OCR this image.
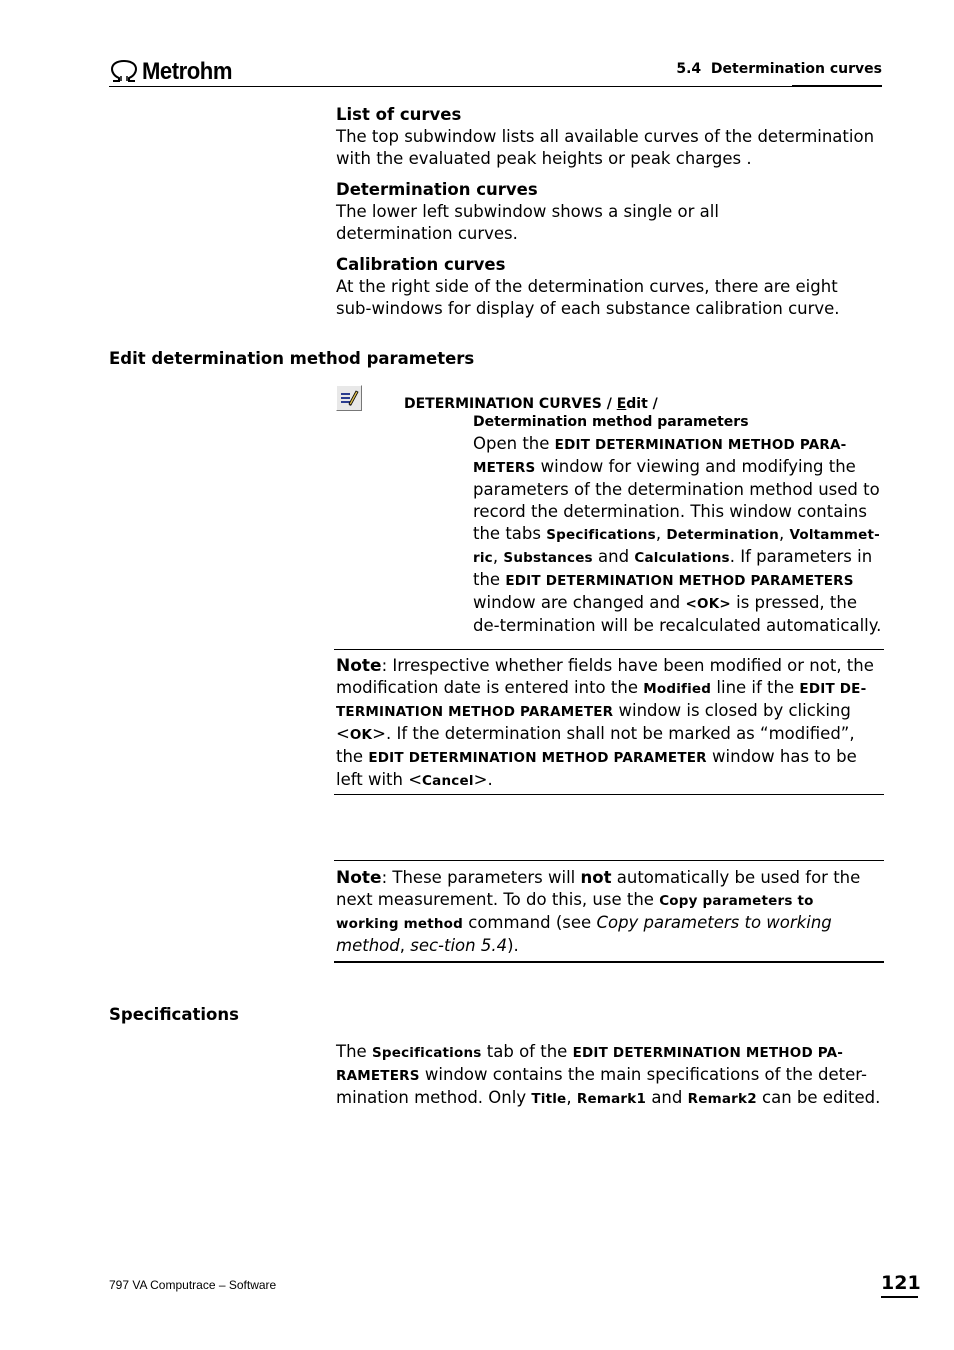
Metrohm	5.4  Determination curves
List of curves

The top subwindow lists all available curves of the determination with the evaluated peak heights or peak charges .

Determination curves

The lower left subwindow shows a single or all determination curves.

Calibration curves

At the right side of the determination curves, there are eight sub-windows for display of each substance calibration curve.

Edit determination method parameters
DETERMINATION CURVES / Edit /
Determination method parameters
Open the EDIT DETERMINATION METHOD PARA-METERS window for viewing and modifying the parameters of the determination method used to record the determination. This window contains the tabs Specifications, Determination, Voltammet-ric, Substances and Calculations. If parameters in the EDIT DETERMINATION METHOD PARAMETERS window are changed and <OK> is pressed, the de-termination will be recalculated automatically.
Note: Irrespective whether fields have been modified or not, the modification date is entered into the Modified line if the EDIT DE-TERMINATION METHOD PARAMETER window is closed by clicking <OK>. If the determination shall not be marked as “modified”, the EDIT DETERMINATION METHOD PARAMETER window has to be left with <Cancel>.
Note: These parameters will not automatically be used for the next measurement. To do this, use the Copy parameters to working method command (see Copy parameters to working method, sec-tion 5.4).
Specifications
The Specifications tab of the EDIT DETERMINATION METHOD PA-RAMETERS window contains the main specifications of the deter-mination method. Only Title, Remark1 and Remark2 can be edited.
797 VA Computrace – Software	121
